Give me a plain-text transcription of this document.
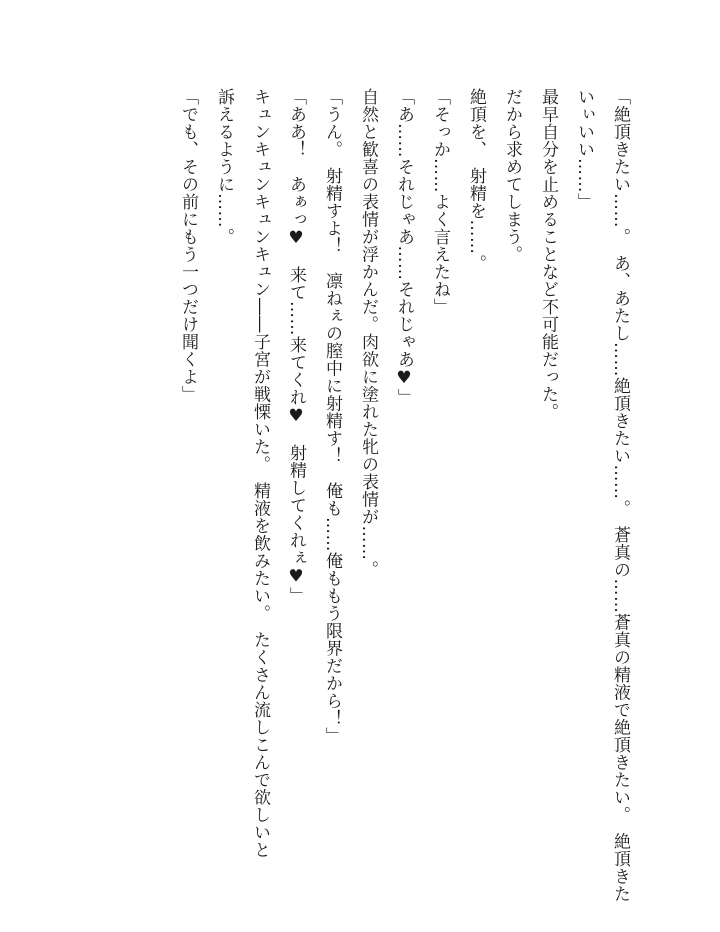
「絶頂きたい……。　あ、あたし……絶頂きたい……。　蒼真の……蒼真の精液で絶頂きたい。　絶頂きた
いぃいい……」
最早自分を止めることなど不可能だった。
だから求めてしまう。
絶頂を、　射精を……。
「そっか……よく言えたね」
「あ……それじゃあ……それじゃあ♥」
自然と歓喜の表情が浮かんだ。肉欲に塗れた牝の表情が……。
「うん。　射精すよ！　凛ねぇの膣中に射精す！　俺も……俺ももう限界だから！」
「ああ！　あぁっ♥　来て……来てくれ♥　射精してくれぇ♥」
キュンキュンキュンキュン――子宮が戦慄いた。　精液を飲みたい。　たくさん流しこんで欲しいと
訴えるように……。
「でも、その前にもう一つだけ聞くよ」
